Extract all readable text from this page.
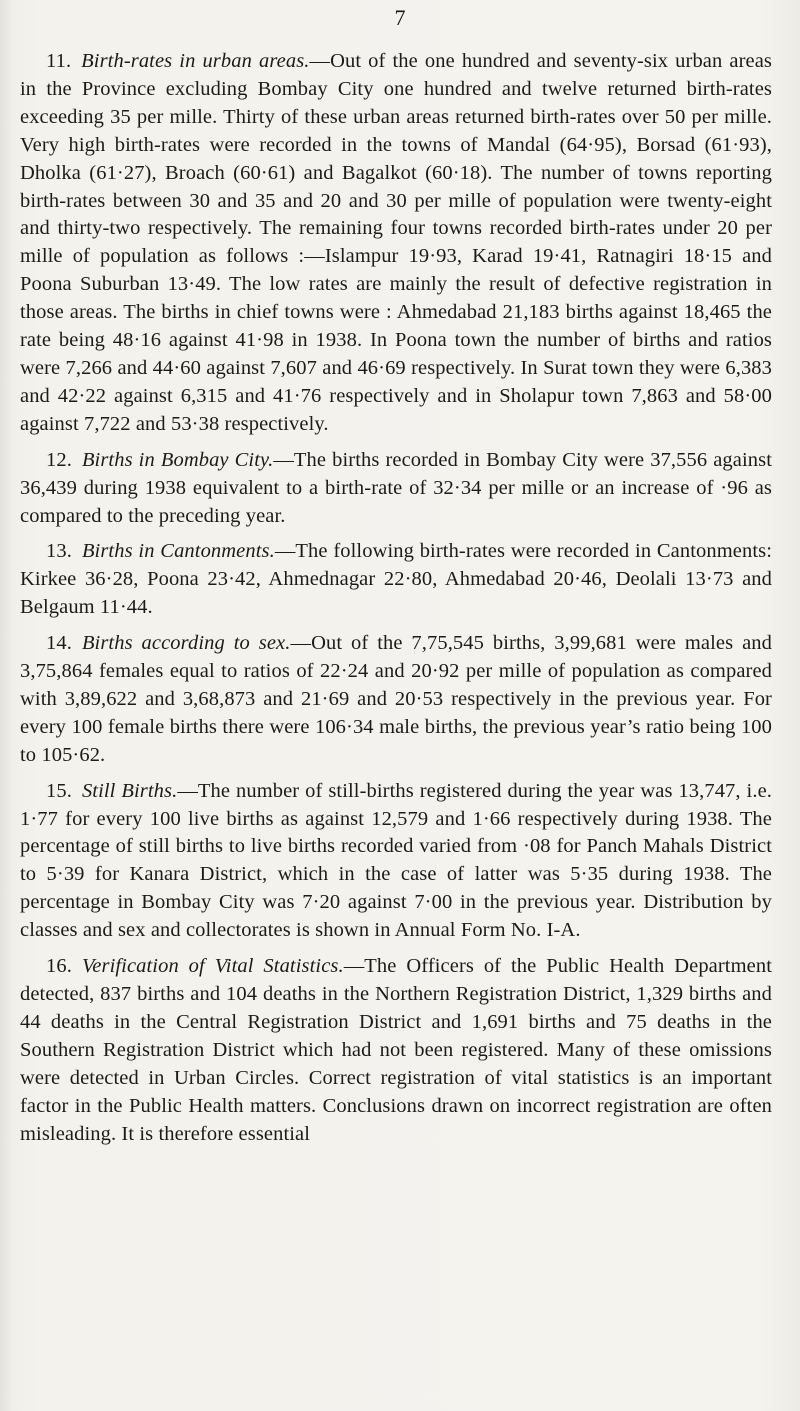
7

11. Birth-rates in urban areas.—Out of the one hundred and seventy-six urban areas in the Province excluding Bombay City one hundred and twelve returned birth-rates exceeding 35 per mille. Thirty of these urban areas returned birth-rates over 50 per mille. Very high birth-rates were recorded in the towns of Mandal (64·95), Borsad (61·93), Dholka (61·27), Broach (60·61) and Bagalkot (60·18). The number of towns reporting birth-rates between 30 and 35 and 20 and 30 per mille of population were twenty-eight and thirty-two respectively. The remaining four towns recorded birth-rates under 20 per mille of population as follows :—Islampur 19·93, Karad 19·41, Ratnagiri 18·15 and Poona Suburban 13·49. The low rates are mainly the result of defective registration in those areas. The births in chief towns were : Ahmedabad 21,183 births against 18,465 the rate being 48·16 against 41·98 in 1938. In Poona town the number of births and ratios were 7,266 and 44·60 against 7,607 and 46·69 respectively. In Surat town they were 6,383 and 42·22 against 6,315 and 41·76 respectively and in Sholapur town 7,863 and 58·00 against 7,722 and 53·38 respectively.

12. Births in Bombay City.—The births recorded in Bombay City were 37,556 against 36,439 during 1938 equivalent to a birth-rate of 32·34 per mille or an increase of ·96 as compared to the preceding year.

13. Births in Cantonments.—The following birth-rates were recorded in Cantonments: Kirkee 36·28, Poona 23·42, Ahmednagar 22·80, Ahmedabad 20·46, Deolali 13·73 and Belgaum 11·44.

14. Births according to sex.—Out of the 7,75,545 births, 3,99,681 were males and 3,75,864 females equal to ratios of 22·24 and 20·92 per mille of population as compared with 3,89,622 and 3,68,873 and 21·69 and 20·53 respectively in the previous year. For every 100 female births there were 106·34 male births, the previous year’s ratio being 100 to 105·62.

15. Still Births.—The number of still-births registered during the year was 13,747, i.e. 1·77 for every 100 live births as against 12,579 and 1·66 respectively during 1938. The percentage of still births to live births recorded varied from ·08 for Panch Mahals District to 5·39 for Kanara District, which in the case of latter was 5·35 during 1938. The percentage in Bombay City was 7·20 against 7·00 in the previous year. Distribution by classes and sex and collectorates is shown in Annual Form No. I-A.

16. Verification of Vital Statistics.—The Officers of the Public Health Department detected, 837 births and 104 deaths in the Northern Registration District, 1,329 births and 44 deaths in the Central Registration District and 1,691 births and 75 deaths in the Southern Registration District which had not been registered. Many of these omissions were detected in Urban Circles. Correct registration of vital statistics is an important factor in the Public Health matters. Conclusions drawn on incorrect registration are often misleading. It is therefore essential
